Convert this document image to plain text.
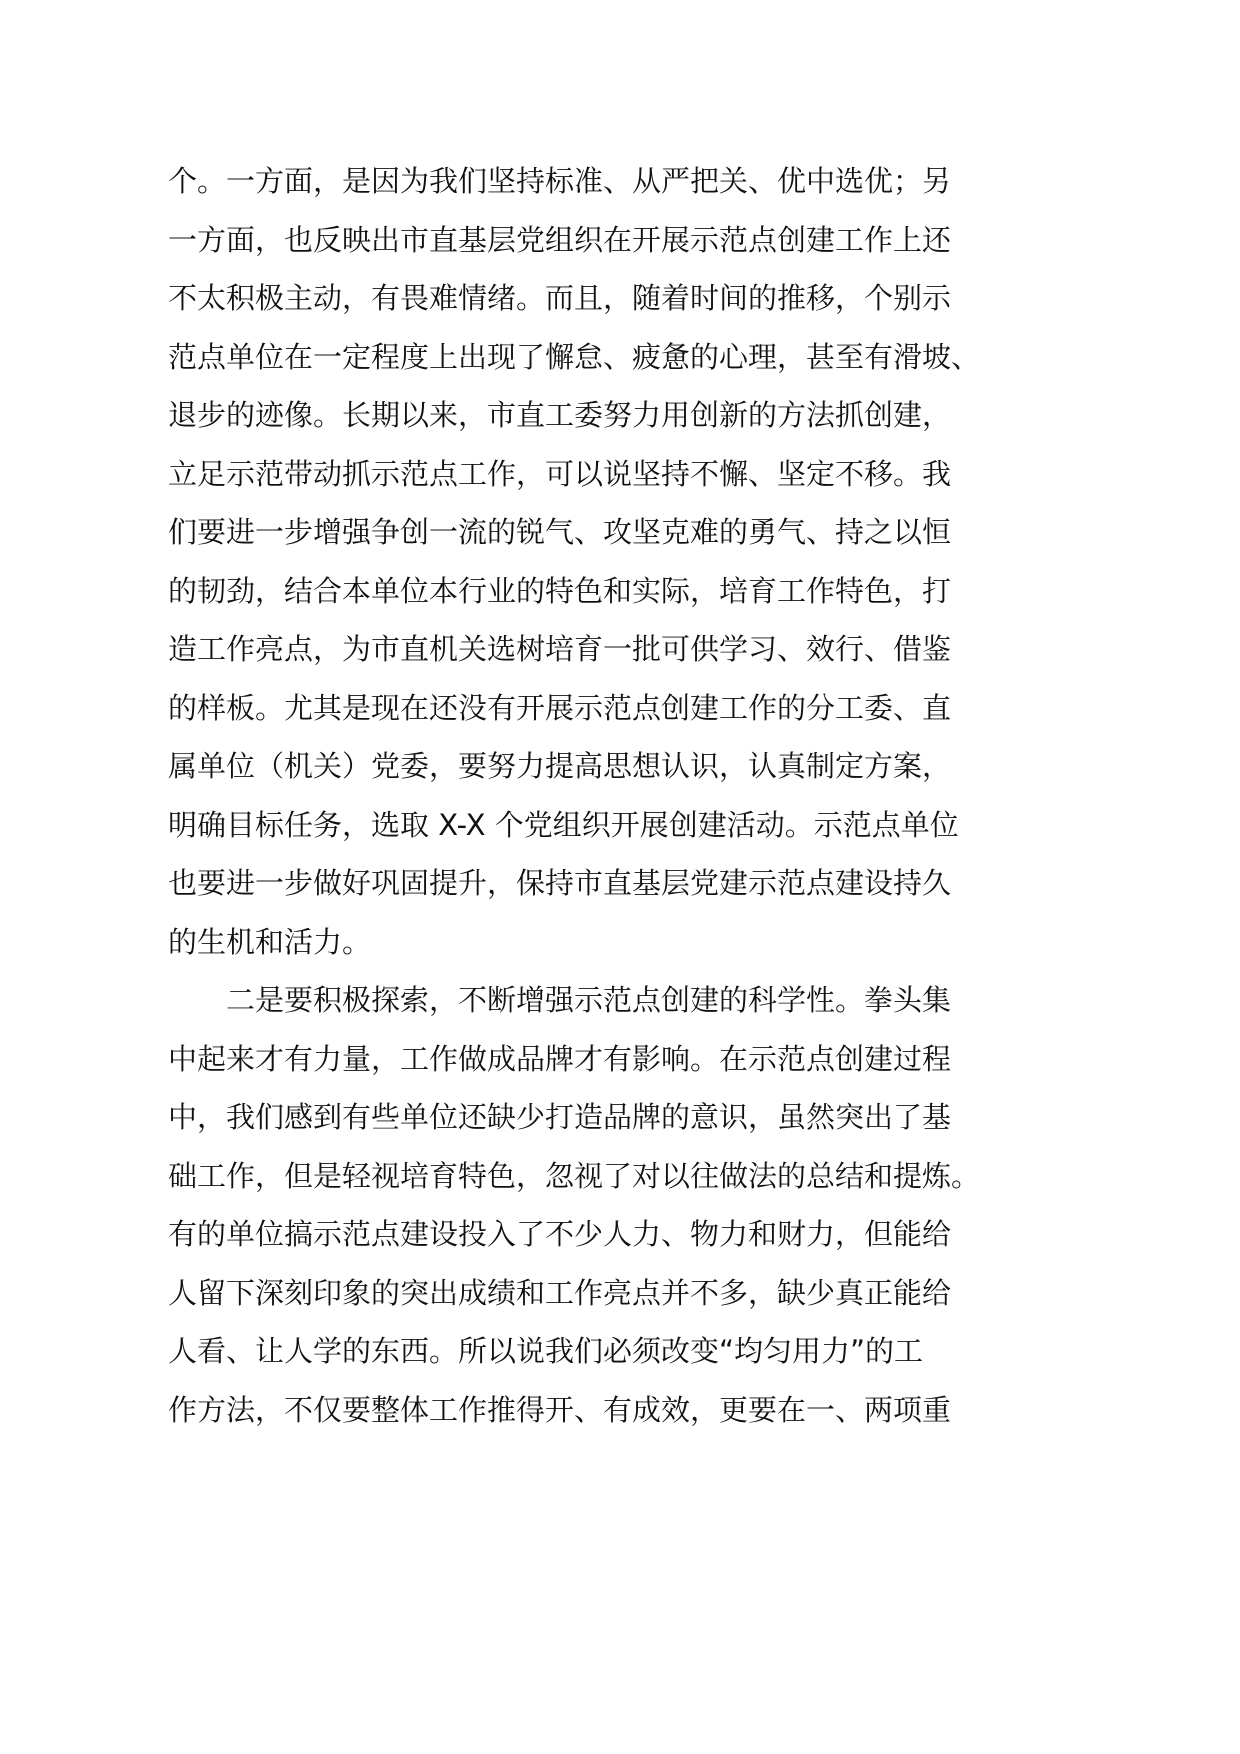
个。一方面，是因为我们坚持标准、从严把关、优中选优；另
一方面，也反映出市直基层党组织在开展示范点创建工作上还
不太积极主动，有畏难情绪。而且，随着时间的推移，个别示
范点单位在一定程度上出现了懈怠、疲惫的心理，甚至有滑坡、
退步的迹像。长期以来，市直工委努力用创新的方法抓创建，
立足示范带动抓示范点工作，可以说坚持不懈、坚定不移。我
们要进一步增强争创一流的锐气、攻坚克难的勇气、持之以恒
的韧劲，结合本单位本行业的特色和实际，培育工作特色，打
造工作亮点，为市直机关选树培育一批可供学习、效行、借鉴
的样板。尤其是现在还没有开展示范点创建工作的分工委、直
属单位（机关）党委，要努力提高思想认识，认真制定方案，
明确目标任务，选取 X-X 个党组织开展创建活动。示范点单位
也要进一步做好巩固提升，保持市直基层党建示范点建设持久
的生机和活力。
二是要积极探索，不断增强示范点创建的科学性。拳头集
中起来才有力量，工作做成品牌才有影响。在示范点创建过程
中，我们感到有些单位还缺少打造品牌的意识，虽然突出了基
础工作，但是轻视培育特色，忽视了对以往做法的总结和提炼。
有的单位搞示范点建设投入了不少人力、物力和财力，但能给
人留下深刻印象的突出成绩和工作亮点并不多，缺少真正能给
人看、让人学的东西。所以说我们必须改变“均匀用力”的工
作方法，不仅要整体工作推得开、有成效，更要在一、两项重
